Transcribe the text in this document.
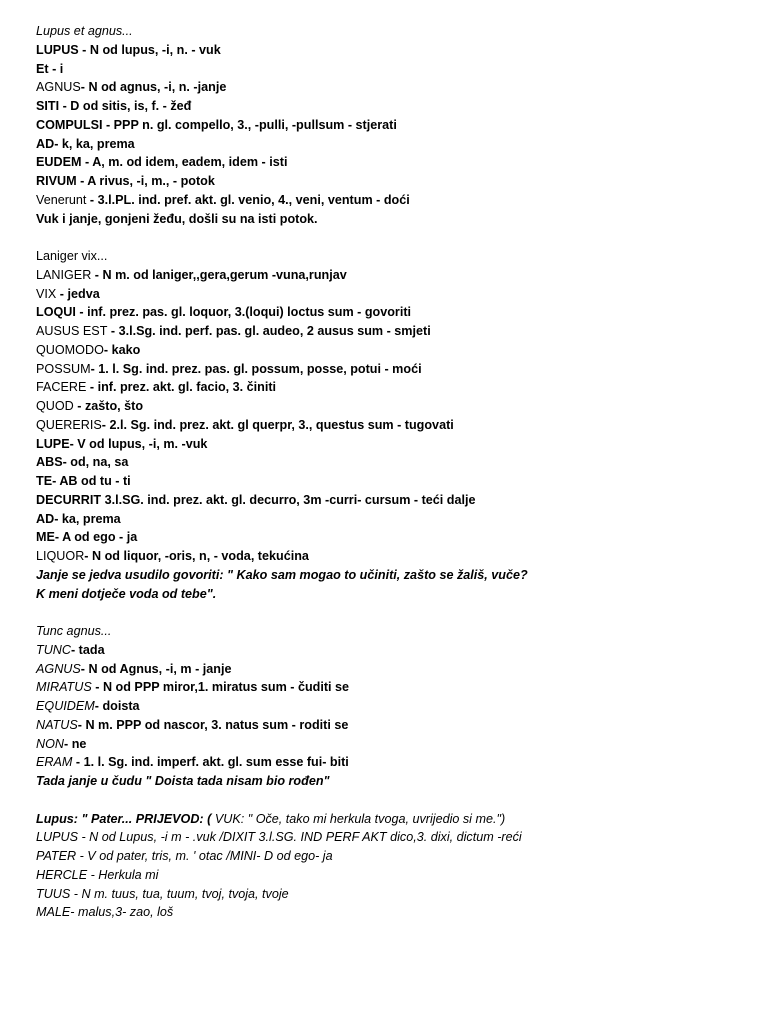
Lupus et agnus...
LUPUS - N od lupus, -i, n. - vuk
Et - i
AGNUS- N od agnus, -i, n. -janje
SITI - D od sitis, is, f. - žeđ
COMPULSI - PPP n. gl. compello, 3., -pulli, -pullsum - stjerati
AD- k, ka, prema
EUDEM - A, m. od idem, eadem, idem - isti
RIVUM - A rivus, -i, m., - potok
Venerunt - 3.l.PL. ind. pref. akt. gl. venio, 4., veni, ventum - doći
Vuk i janje, gonjeni žeđu, došli su na isti potok.
Laniger vix...
LANIGER - N m. od laniger,,gera,gerum -vuna,runjav
VIX - jedva
LOQUI - inf. prez. pas. gl. loquor, 3.(loqui) loctus sum - govoriti
AUSUS EST - 3.l.Sg. ind. perf. pas. gl. audeo, 2 ausus sum - smjeti
QUOMODO- kako
POSSUM- 1. l. Sg. ind. prez. pas. gl. possum, posse, potui - moći
FACERE - inf. prez. akt. gl. facio, 3. činiti
QUOD - zašto, što
QUERERIS- 2.l. Sg. ind. prez. akt. gl querpr, 3., questus sum - tugovati
LUPE- V od lupus, -i, m. -vuk
ABS- od, na, sa
TE- AB od tu - ti
DECURRIT 3.l.SG. ind. prez. akt. gl. decurro, 3m -curri- cursum - teći dalje
AD- ka, prema
ME- A od ego - ja
LIQUOR- N od liquor, -oris, n, - voda, tekućina
Janje se jedva usudilo govoriti: " Kako sam mogao to učiniti, zašto se žališ, vuče?
K meni dotječe voda od tebe".
Tunc agnus...
TUNC- tada
AGNUS- N od Agnus, -i, m - janje
MIRATUS - N od PPP miror,1. miratus sum - čuditi se
EQUIDEM- doista
NATUS- N m. PPP od nascor, 3. natus sum - roditi se
NON- ne
ERAM - 1. l. Sg. ind. imperf. akt. gl. sum esse fui- biti
Tada janje u čudu " Doista tada nisam bio rođen"
Lupus: " Pater... PRIJEVOD: ( VUK: " Oče, tako mi herkula tvoga, uvrijedio si me.")
LUPUS - N od Lupus, -i m - .vuk /DIXIT 3.l.SG. IND PERF AKT dico,3. dixi, dictum -reći
PATER - V od pater, tris, m. ' otac /MINI- D od ego- ja
HERCLE - Herkula mi
TUUS - N m. tuus, tua, tuum, tvoj, tvoja, tvoje
MALE- malus,3- zao, loš
